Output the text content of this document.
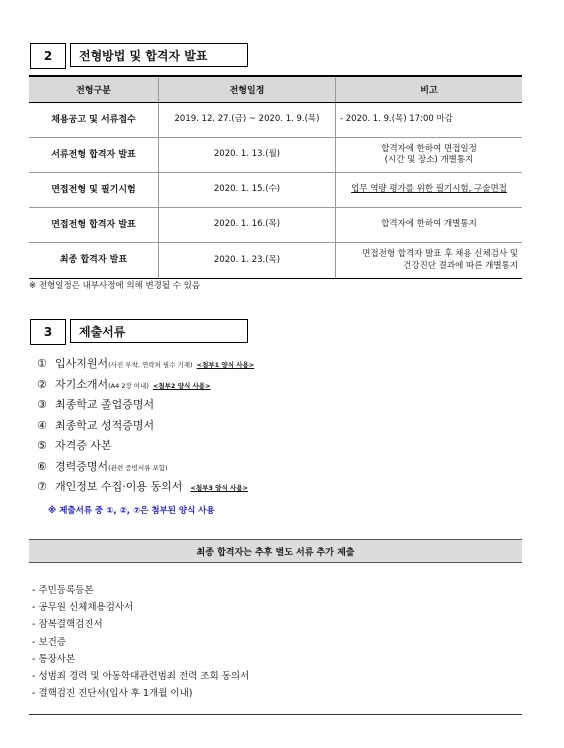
2	전형방법 및 합격자 발표
전형구분	전형일정	비고
채용공고 및 서류접수	2019. 12. 27.(금) ~ 2020. 1. 9.(목)	- 2020. 1. 9.(목) 17:00 마감
서류전형 합격자 발표	2020. 1. 13.(월)	합격자에 한하여 면접일정
(시간 및 장소) 개별통지
면접전형 및 필기시험	2020. 1. 15.(수)	업무 역량 평가를 위한 필기시험, 구술면접
면접전형 합격자 발표	2020. 1. 16.(목)	합격자에 한하여 개별통지
최종 합격자 발표	2020. 1. 23.(목)	면접전형 합격자 발표 후 채용 신체검사 및
건강진단 결과에 따른 개별통지
※ 전형일정은 내부사정에 의해 변경될 수 있음
3	제출서류
① 입사지원서 (사진 부착, 연락처 필수 기재) <첨부1 양식 사용>
② 자기소개서 (A4 2장 이내) <첨부2 양식 사용>
③ 최종학교 졸업증명서
④ 최종학교 성적증명서
⑤ 자격증 사본
⑥ 경력증명서 (관련 증빙서류 포함)
⑦ 개인정보 수집·이용 동의서 <첨부3 양식 사용>
※ 제출서류 중 ①, ②, ⑦은 첨부된 양식 사용
최종 합격자는 추후 별도 서류 추가 제출
- 주민등록등본
- 공무원 신체채용검사서
- 잠복결핵검진서
- 보건증
- 통장사본
- 성범죄 경력 및 아동학대관련범죄 전력 조회 동의서
- 결핵검진 진단서(입사 후 1개월 이내)
